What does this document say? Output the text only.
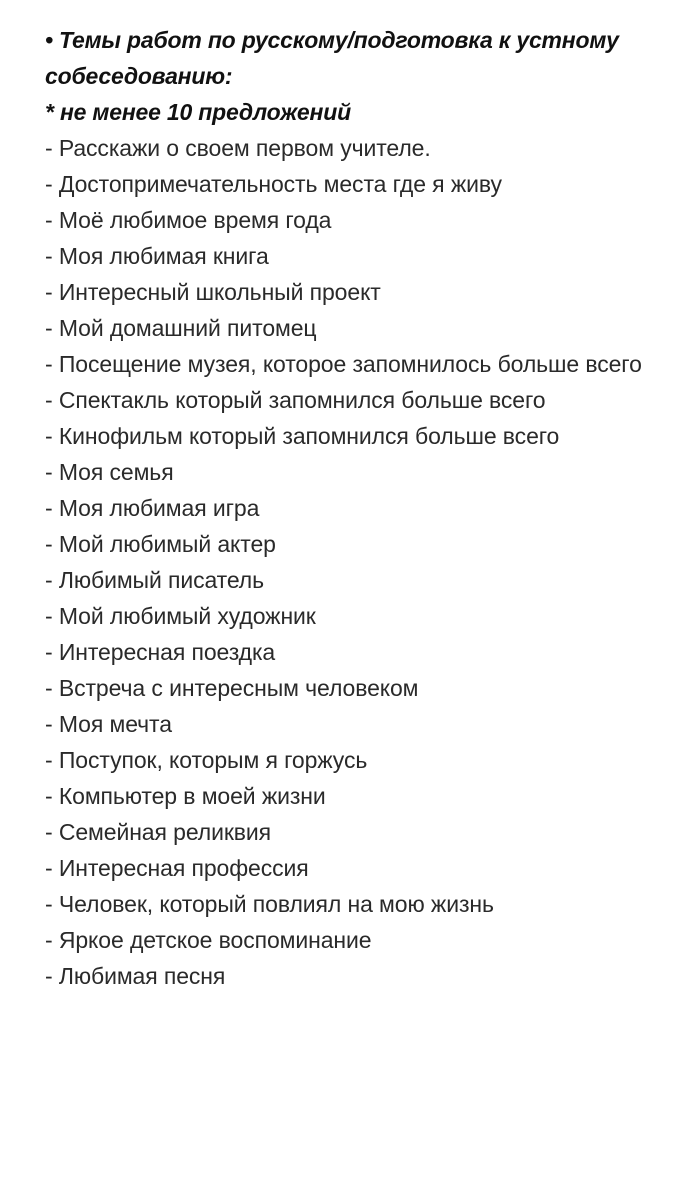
• Темы работ по русскому/подготовка к устному собеседованию:

* не менее 10 предложений

- Расскажи о своем первом учителе.
- Достопримечательность места где я живу
- Моё любимое время года
- Моя любимая книга
- Интересный школьный проект
- Мой домашний питомец
- Посещение музея, которое запомнилось больше всего
- Спектакль который запомнился больше всего
- Кинофильм который запомнился больше всего
- Моя семья
- Моя любимая игра
- Мой любимый актер
- Любимый писатель
- Мой любимый художник
- Интересная поездка
- Встреча с интересным человеком
- Моя мечта
- Поступок, которым я горжусь
- Компьютер в моей жизни
- Семейная реликвия
- Интересная профессия
- Человек, который повлиял на мою жизнь
- Яркое детское воспоминание
- Любимая песня
